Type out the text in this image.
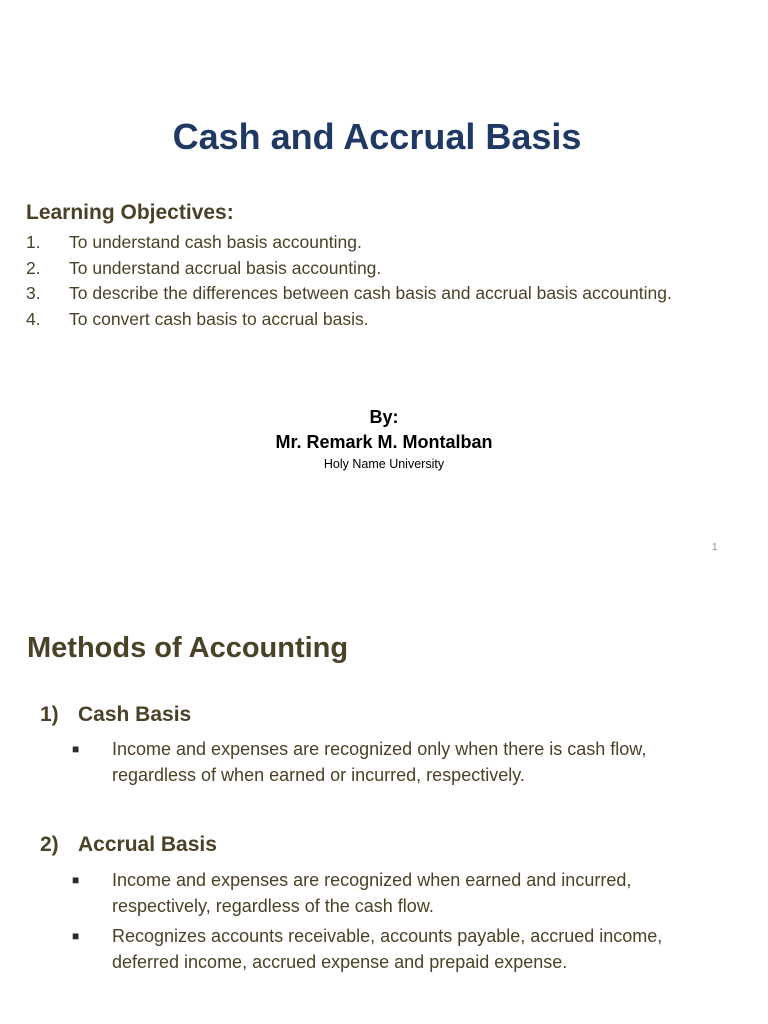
Cash and Accrual Basis
Learning Objectives:
1.	To understand cash basis accounting.
2.	To understand accrual basis accounting.
3.	To describe the differences between cash basis and accrual basis accounting.
4.	To convert cash basis to accrual basis.
By:
Mr. Remark M. Montalban
Holy Name University
1
Methods of Accounting
1) Cash Basis
■	Income and expenses are recognized only when there is cash flow, regardless of when earned or incurred, respectively.
2) Accrual Basis
■	Income and expenses are recognized when earned and incurred, respectively, regardless of the cash flow.
■	Recognizes accounts receivable, accounts payable, accrued income, deferred income, accrued expense and prepaid expense.
